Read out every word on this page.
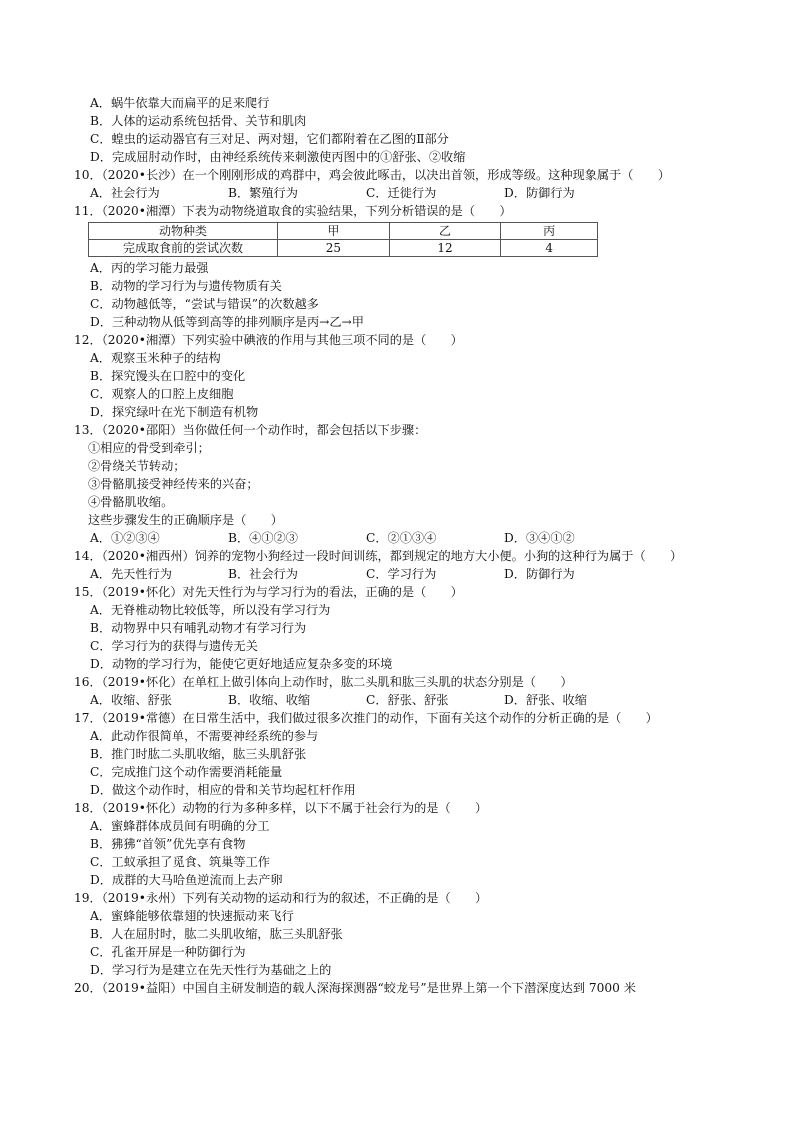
A．蜗牛依靠大而扁平的足来爬行
B．人体的运动系统包括骨、关节和肌肉
C．蝗虫的运动器官有三对足、两对翅，它们都附着在乙图的Ⅱ部分
D．完成屈肘动作时，由神经系统传来刺激使丙图中的①舒张、②收缩
10．（2020•长沙）在一个刚刚形成的鸡群中，鸡会彼此啄击，以决出首领，形成等级。这种现象属于（　　）
A．社会行为	B．繁殖行为	C．迁徙行为	D．防御行为
11．（2020•湘潭）下表为动物绕道取食的实验结果，下列分析错误的是（　　）
动物种类	甲	乙	丙
完成取食前的尝试次数	25	12	4
A．丙的学习能力最强
B．动物的学习行为与遗传物质有关
C．动物越低等，“尝试与错误”的次数越多
D．三种动物从低等到高等的排列顺序是丙→乙→甲
12．（2020•湘潭）下列实验中碘液的作用与其他三项不同的是（　　）
A．观察玉米种子的结构
B．探究馒头在口腔中的变化
C．观察人的口腔上皮细胞
D．探究绿叶在光下制造有机物
13．（2020•邵阳）当你做任何一个动作时，都会包括以下步骤：
①相应的骨受到牵引；
②骨绕关节转动；
③骨骼肌接受神经传来的兴奋；
④骨骼肌收缩。
这些步骤发生的正确顺序是（　　）
A．①②③④	B．④①②③	C．②①③④	D．③④①②
14．（2020•湘西州）饲养的宠物小狗经过一段时间训练，都到规定的地方大小便。小狗的这种行为属于（　　）
A．先天性行为	B．社会行为	C．学习行为	D．防御行为
15．（2019•怀化）对先天性行为与学习行为的看法，正确的是（　　）
A．无脊椎动物比较低等，所以没有学习行为
B．动物界中只有哺乳动物才有学习行为
C．学习行为的获得与遗传无关
D．动物的学习行为，能使它更好地适应复杂多变的环境
16．（2019•怀化）在单杠上做引体向上动作时，肱二头肌和肱三头肌的状态分别是（　　）
A．收缩、舒张	B．收缩、收缩	C．舒张、舒张	D．舒张、收缩
17．（2019•常德）在日常生活中，我们做过很多次推门的动作，下面有关这个动作的分析正确的是（　　）
A．此动作很简单，不需要神经系统的参与
B．推门时肱二头肌收缩，肱三头肌舒张
C．完成推门这个动作需要消耗能量
D．做这个动作时，相应的骨和关节均起杠杆作用
18．（2019•怀化）动物的行为多种多样，以下不属于社会行为的是（　　）
A．蜜蜂群体成员间有明确的分工
B．狒狒“首领”优先享有食物
C．工蚁承担了觅食、筑巢等工作
D．成群的大马哈鱼逆流而上去产卵
19．（2019•永州）下列有关动物的运动和行为的叙述，不正确的是（　　）
A．蜜蜂能够依靠翅的快速振动来飞行
B．人在屈肘时，肱二头肌收缩，肱三头肌舒张
C．孔雀开屏是一种防御行为
D．学习行为是建立在先天性行为基础之上的
20．（2019•益阳）中国自主研发制造的载人深海探测器“蛟龙号”是世界上第一个下潜深度达到 7000 米
